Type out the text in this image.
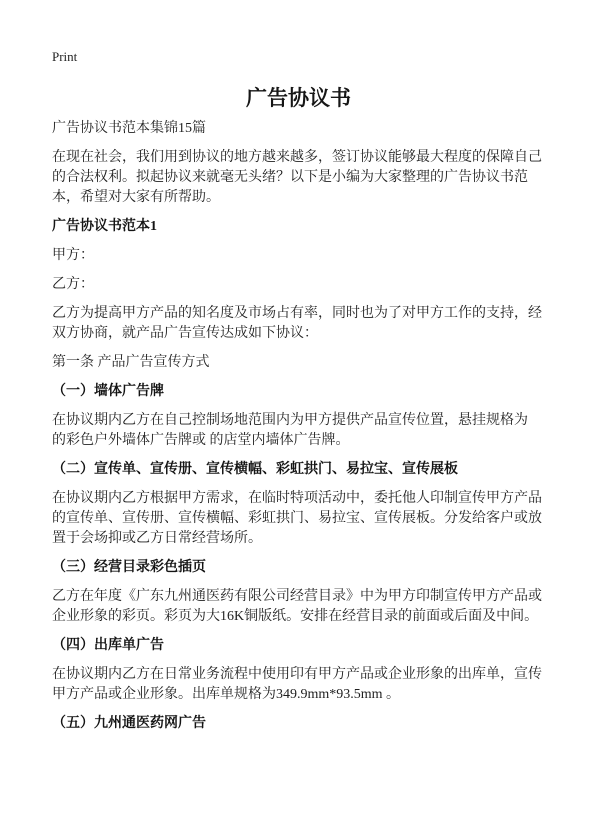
Print
广告协议书

广告协议书范本集锦15篇

在现在社会，我们用到协议的地方越来越多，签订协议能够最大程度的保障自己的合法权利。拟起协议来就毫无头绪？以下是小编为大家整理的广告协议书范本，希望对大家有所帮助。

广告协议书范本1

甲方：

乙方：

乙方为提高甲方产品的知名度及市场占有率，同时也为了对甲方工作的支持，经双方协商，就产品广告宣传达成如下协议：

第一条 产品广告宣传方式

（一）墙体广告牌

在协议期内乙方在自己控制场地范围内为甲方提供产品宣传位置，悬挂规格为 的彩色户外墙体广告牌或 的店堂内墙体广告牌。

（二）宣传单、宣传册、宣传横幅、彩虹拱门、易拉宝、宣传展板

在协议期内乙方根据甲方需求，在临时特项活动中，委托他人印制宣传甲方产品的宣传单、宣传册、宣传横幅、彩虹拱门、易拉宝、宣传展板。分发给客户或放置于会场抑或乙方日常经营场所。

（三）经营目录彩色插页

乙方在年度《广东九州通医药有限公司经营目录》中为甲方印制宣传甲方产品或企业形象的彩页。彩页为大16K铜版纸。安排在经营目录的前面或后面及中间。

（四）出库单广告

在协议期内乙方在日常业务流程中使用印有甲方产品或企业形象的出库单，宣传甲方产品或企业形象。出库单规格为349.9mm*93.5mm 。

（五）九州通医药网广告
